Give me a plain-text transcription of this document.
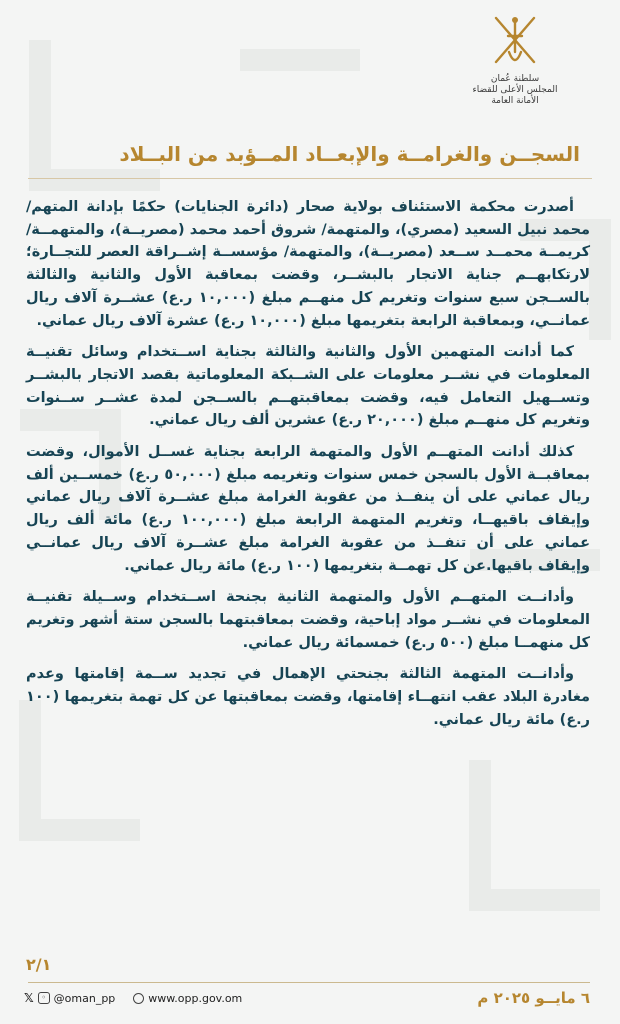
سلطنة عُمان
المجلس الأعلى للقضاء
الأمانة العامة
السجــن والغرامــة والإبعــاد المــؤبد من البــلاد

أصدرت محكمة الاستئناف بولاية صحار (دائرة الجنايات) حكمًا بإدانة المتهم/ محمد نبيل السعيد (مصري)، والمتهمة/ شروق أحمد محمد (مصريــة)، والمتهمــة/ كريمــة محمــد ســعد (مصريــة)، والمتهمة/ مؤسســة إشــراقة العصر للتجــارة؛ لارتكابهــم جناية الاتجار بالبشــر، وقضت بمعاقبة الأول والثانية والثالثة بالســجن سبع سنوات وتغريم كل منهــم مبلغ (١٠,٠٠٠ ر.ع) عشــرة آلاف ريال عمانــي، وبمعاقبة الرابعة بتغريمها مبلغ (١٠,٠٠٠ ر.ع) عشرة آلاف ريال عماني.

كما أدانت المتهمين الأول والثانية والثالثة بجناية اســتخدام وسائل تقنيــة المعلومات في نشــر معلومات على الشــبكة المعلوماتية بقصد الاتجار بالبشــر وتســهيل التعامل فيه، وقضت بمعاقبتهــم بالســجن لمدة عشــر ســنوات وتغريم كل منهــم مبلغ (٢٠,٠٠٠ ر.ع) عشرين ألف ريال عماني.

كذلك أدانت المتهــم الأول والمتهمة الرابعة بجناية غســل الأموال، وقضت بمعاقبــة الأول بالسجن خمس سنوات وتغريمه مبلغ (٥٠,٠٠٠ ر.ع) خمســين ألف ريال عماني على أن ينفــذ من عقوبة الغرامة مبلغ عشــرة آلاف ريال عماني وإيقاف باقيهــا، وتغريم المتهمة الرابعة مبلغ (١٠٠,٠٠٠ ر.ع) مائة ألف ريال عماني على أن تنفــذ من عقوبة الغرامة مبلغ عشــرة آلاف ريال عمانــي وإيقاف باقيها.عن كل تهمــة بتغريمها (١٠٠ ر.ع) مائة ريال عماني.

وأدانــت المتهــم الأول والمتهمة الثانية بجنحة اســتخدام وســيلة تقنيــة المعلومات في نشــر مواد إباحية، وقضت بمعاقبتهما بالسجن ستة أشهر وتغريم كل منهمــا مبلغ (٥٠٠ ر.ع) خمسمائة ريال عماني.

وأدانــت المتهمة الثالثة بجنحتي الإهمال في تجديد ســمة إقامتها وعدم مغادرة البلاد عقب انتهــاء إقامتها، وقضت بمعاقبتها عن كل تهمة بتغريمها (١٠٠ ر.ع) مائة ريال عماني.

٢/١
𝕏 ◦ @oman_pp	www.opp.gov.om	٦ مايــو ٢٠٢٥ م
